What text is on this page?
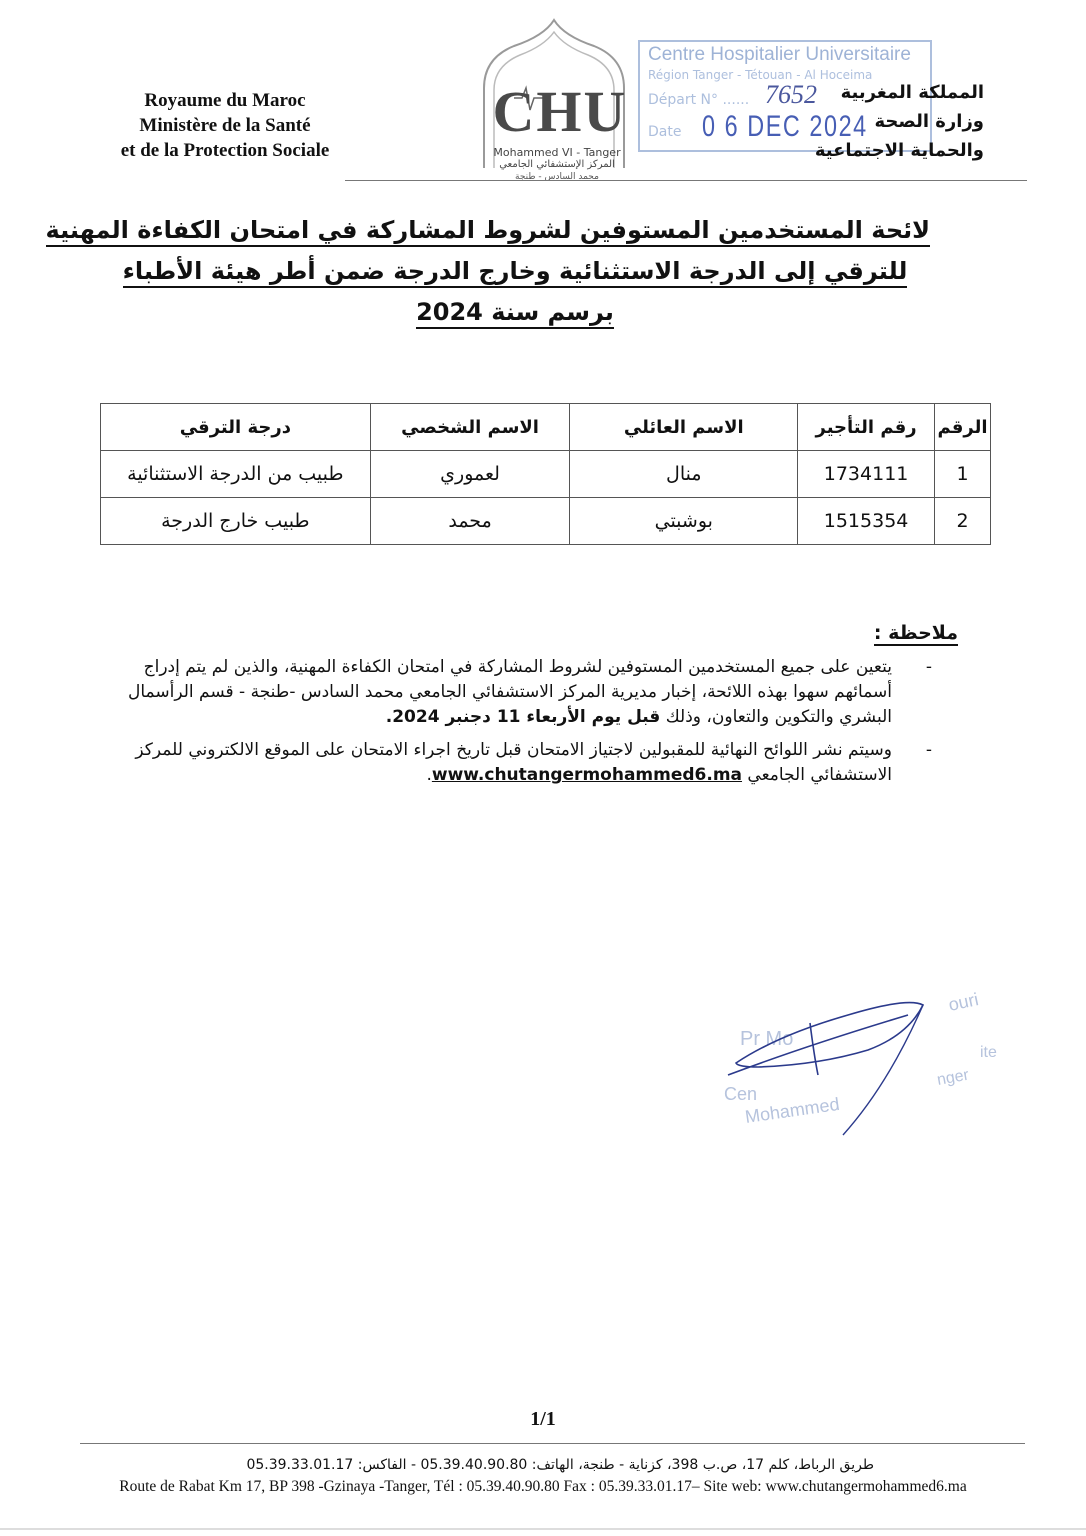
Royaume du Maroc
Ministère de la Santé
et de la Protection Sociale
CHU
Mohammed VI - Tanger
المركز الإستشفائي الجامعي
محمد السادس - طنجة
Centre Hospitalier Universitaire
Région Tanger - Tétouan - Al Hoceima
Départ N° ...... 7652
Date 0 6 DEC 2024
المملكة المغربية
وزارة الصحة
والحماية الاجتماعية
لائحة المستخدمين المستوفين لشروط المشاركة في امتحان الكفاءة المهنية
للترقي إلى الدرجة الاستثنائية وخارج الدرجة ضمن أطر هيئة الأطباء
برسم سنة 2024
الرقم	رقم التأجير	الاسم العائلي	الاسم الشخصي	درجة الترقي
1	1734111	منال	لعموري	طبيب من الدرجة الاستثنائية
2	1515354	بوشبتي	محمد	طبيب خارج الدرجة
ملاحظة :
-
يتعين على جميع المستخدمين المستوفين لشروط المشاركة في امتحان الكفاءة المهنية، والذين لم يتم إدراج أسمائهم سهوا بهذه اللائحة، إخبار مديرية المركز الاستشفائي الجامعي محمد السادس -طنجة - قسم الرأسمال البشري والتكوين والتعاون، وذلك قبل يوم الأربعاء 11 دجنبر 2024.
-
وسيتم نشر اللوائح النهائية للمقبولين لاجتياز الامتحان قبل تاريخ اجراء الامتحان على الموقع الالكتروني للمركز الاستشفائي الجامعي www.chutangermohammed6.ma.
Pr Mo
ouri
Cen
ite
Mohammed
nger
1/1
طريق الرباط، كلم 17، ص.ب 398، كزناية - طنجة، الهاتف: 05.39.40.90.80 - الفاكس: 05.39.33.01.17
Route de Rabat Km 17, BP 398 -Gzinaya -Tanger, Tél : 05.39.40.90.80 Fax : 05.39.33.01.17– Site web: www.chutangermohammed6.ma
